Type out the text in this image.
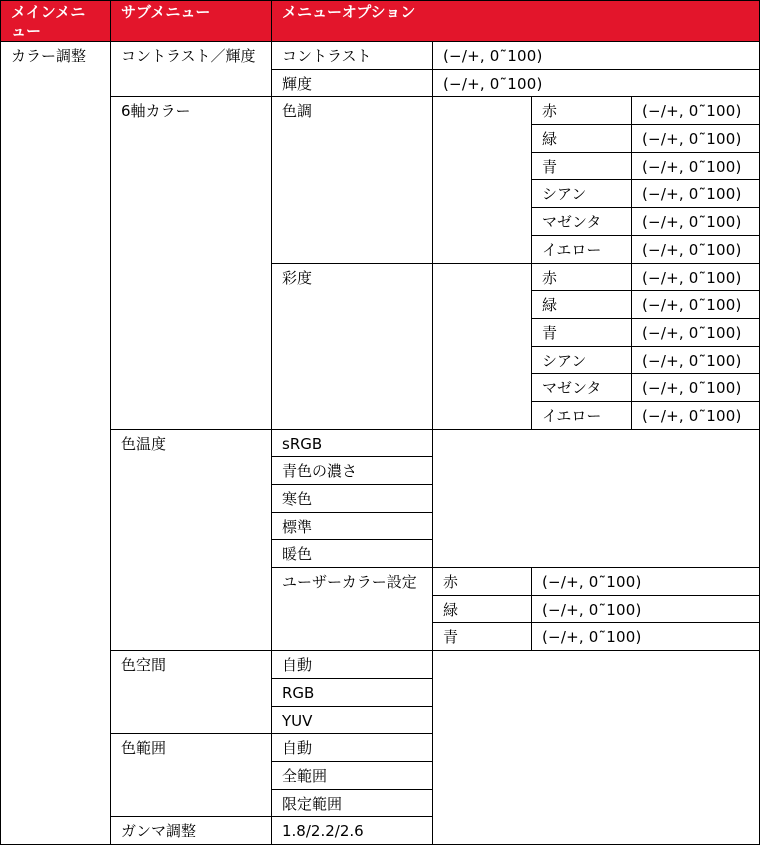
メインメニュー	サブメニュー	メニューオプション			
カラー調整	コントラスト／輝度	コントラスト	(−/+, 0˜100)		
		輝度	(−/+, 0˜100)		
	6軸カラー	色調		赤	(−/+, 0˜100)
				緑	(−/+, 0˜100)
				青	(−/+, 0˜100)
				シアン	(−/+, 0˜100)
				マゼンタ	(−/+, 0˜100)
				イエロー	(−/+, 0˜100)
		彩度		赤	(−/+, 0˜100)
				緑	(−/+, 0˜100)
				青	(−/+, 0˜100)
				シアン	(−/+, 0˜100)
				マゼンタ	(−/+, 0˜100)
				イエロー	(−/+, 0˜100)
	色温度	sRGB			
		青色の濃さ			
		寒色			
		標準			
		暖色			
		ユーザーカラー設定	赤	(−/+, 0˜100)	
			緑	(−/+, 0˜100)	
			青	(−/+, 0˜100)	
	色空間	自動			
		RGB			
		YUV			
	色範囲	自動			
		全範囲			
		限定範囲			
	ガンマ調整	1.8/2.2/2.6			
